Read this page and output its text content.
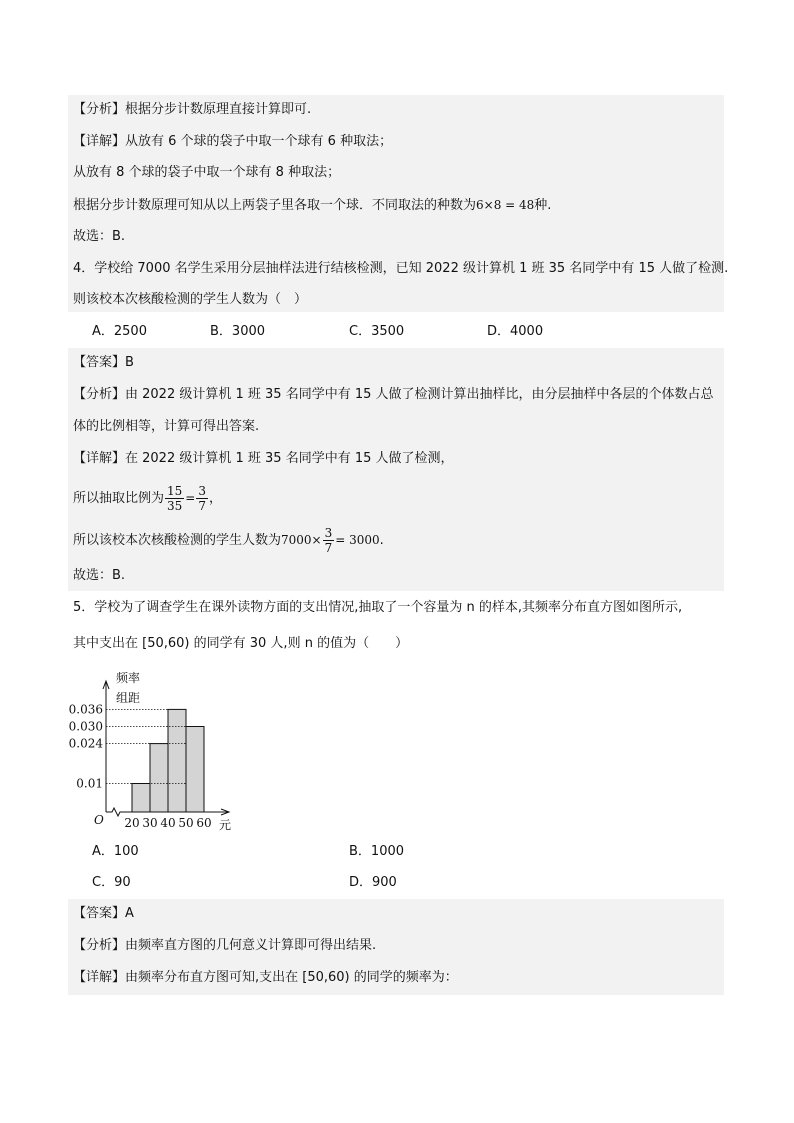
【分析】根据分步计数原理直接计算即可.
【详解】从放有 6 个球的袋子中取一个球有 6 种取法；
从放有 8 个球的袋子中取一个球有 8 种取法；
根据分步计数原理可知从以上两袋子里各取一个球．不同取法的种数为6×8 = 48种.
故选：B.
4．学校给 7000 名学生采用分层抽样法进行结核检测，已知 2022 级计算机 1 班 35 名同学中有 15 人做了检测.
则该校本次核酸检测的学生人数为（　）
A．2500	B．3000	C．3500	D．4000
【答案】B
【分析】由 2022 级计算机 1 班 35 名同学中有 15 人做了检测计算出抽样比，由分层抽样中各层的个体数占总
体的比例相等，计算可得出答案.
【详解】在 2022 级计算机 1 班 35 名同学中有 15 人做了检测，
所以抽取比例为 $\frac{15}{35} = \frac{3}{7}$ ，
所以该校本次核酸检测的学生人数为$7000\times \frac{3}{7} = 3000$.
故选：B.
5．学校为了调查学生在课外读物方面的支出情况,抽取了一个容量为 n 的样本,其频率分布直方图如图所示,
其中支出在 [50,60) 的同学有 30 人,则 n 的值为（　　）
频率
组距
元
O
0.036
0.030
0.024
0.01
20 30 40 50 60
A．100	B．1000
C．90	D．900
【答案】A
【分析】由频率直方图的几何意义计算即可得出结果.
【详解】由频率分布直方图可知,支出在 [50,60) 的同学的频率为：
